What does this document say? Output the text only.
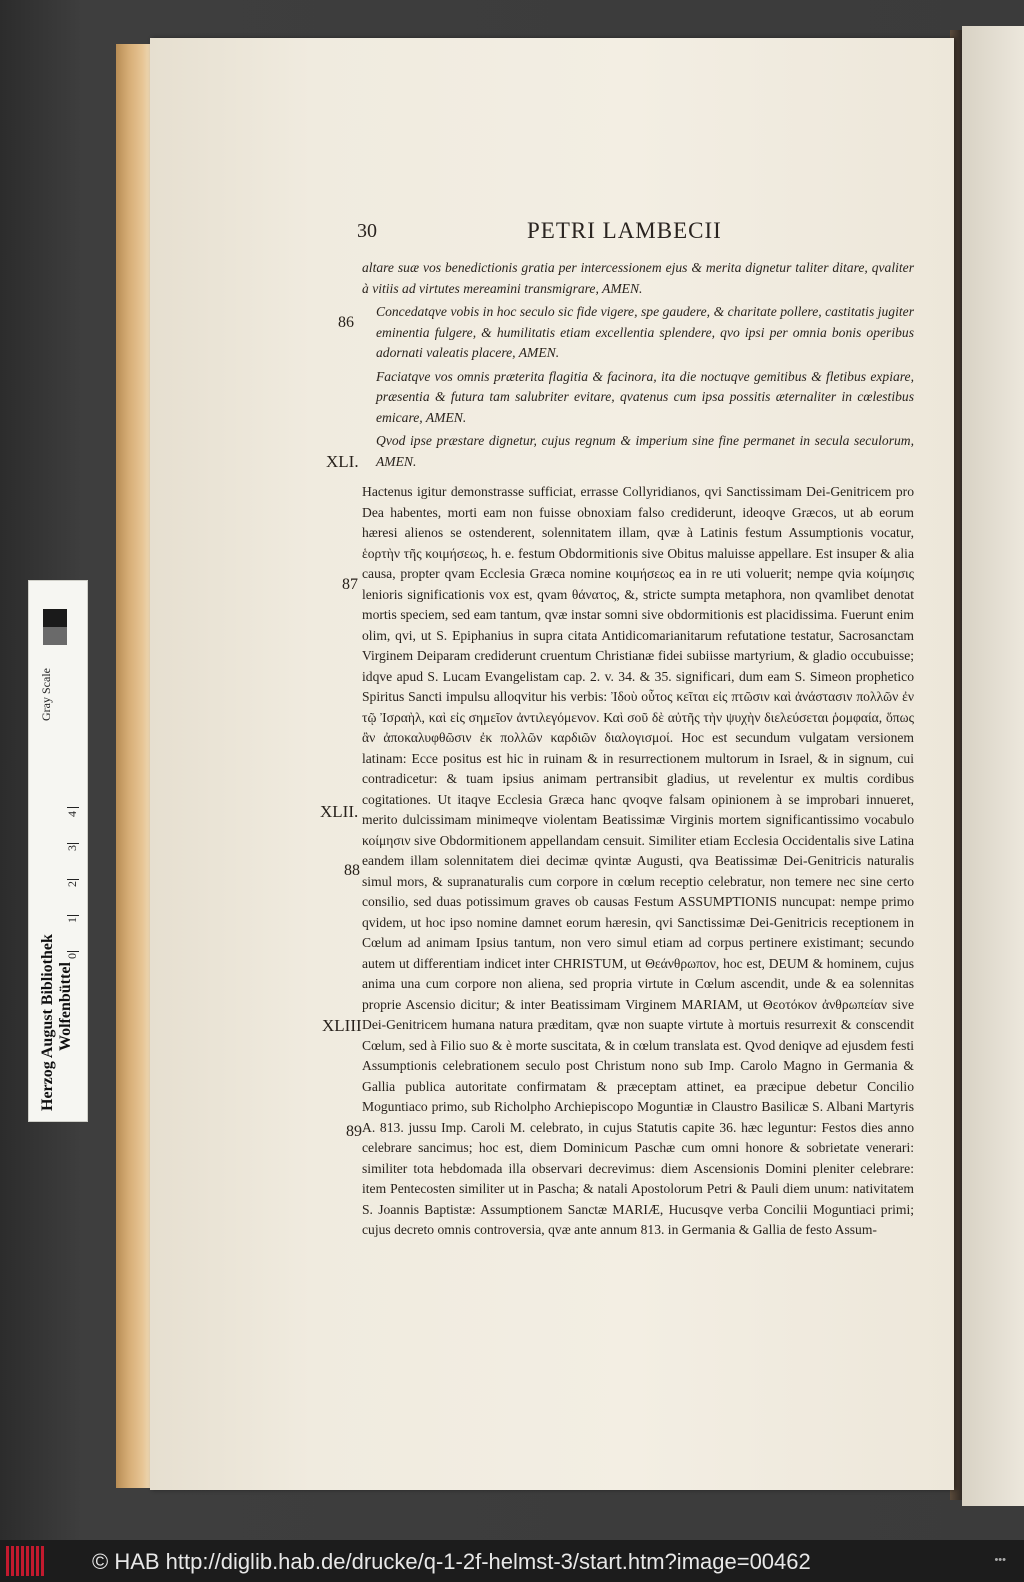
30	PETRI LAMBECII

altare suæ vos benedictionis gratia per intercessionem ejus & merita dignetur taliter ditare, qvaliter à vitiis ad virtutes mereamini transmigrare, AMEN.

Concedatqve vobis in hoc seculo sic fide vigere, spe gaudere, & charitate pollere, castitatis jugiter eminentia fulgere, & humilitatis etiam excellentia splendere, qvo ipsi per omnia bonis operibus adornati valeatis placere, AMEN.

Faciatqve vos omnis præterita flagitia & facinora, ita die noctuqve gemitibus & fletibus expiare, præsentia & futura tam salubriter evitare, qvatenus cum ipsa possitis æternaliter in cœlestibus emicare, AMEN.

Qvod ipse præstare dignetur, cujus regnum & imperium sine fine permanet in secula seculorum, AMEN.

Hactenus igitur demonstrasse sufficiat, errasse Collyridianos, qvi Sanctissimam Dei-Genitricem pro Dea habentes, morti eam non fuisse obnoxiam falso crediderunt, ideoqve Græcos, ut ab eorum hæresi alienos se ostenderent, solennitatem illam, qvæ à Latinis festum Assumptionis vocatur, ἑορτὴν τῆς κοιμήσεως, h. e. festum Obdormitionis sive Obitus maluisse appellare. Est insuper & alia causa, propter qvam Ecclesia Græca nomine κοιμήσεως ea in re uti voluerit; nempe qvia κοίμησις lenioris significationis vox est, qvam θάνατος, &, stricte sumpta metaphora, non qvamlibet denotat mortis speciem, sed eam tantum, qvæ instar somni sive obdormitionis est placidissima. Fuerunt enim olim, qvi, ut S. Epiphanius in supra citata Antidicomarianitarum refutatione testatur, Sacrosanctam Virginem Deiparam crediderunt cruentum Christianæ fidei subiisse martyrium, & gladio occubuisse; idqve apud S. Lucam Evangelistam cap. 2. v. 34. & 35. significari, dum eam S. Simeon prophetico Spiritus Sancti impulsu alloqvitur his verbis: Ἰδοὺ οὗτος κεῖται εἰς πτῶσιν καὶ ἀνάστασιν πολλῶν ἐν τῷ Ἰσραὴλ, καὶ εἰς σημεῖον ἀντιλεγόμενον. Καὶ σοῦ δὲ αὐτῆς τὴν ψυχὴν διελεύσεται ῥομφαία, ὅπως ἂν ἀποκαλυφθῶσιν ἐκ πολλῶν καρδιῶν διαλογισμοί. Hoc est secundum vulgatam versionem latinam: Ecce positus est hic in ruinam & in resurrectionem multorum in Israel, & in signum, cui contradicetur: & tuam ipsius animam pertransibit gladius, ut revelentur ex multis cordibus cogitationes. Ut itaqve Ecclesia Græca hanc qvoqve falsam opinionem à se improbari innueret, merito dulcissimam minimeqve violentam Beatissimæ Virginis mortem significantissimo vocabulo κοίμησιν sive Obdormitionem appellandam censuit. Similiter etiam Ecclesia Occidentalis sive Latina eandem illam solennitatem diei decimæ qvintæ Augusti, qva Beatissimæ Dei-Genitricis naturalis simul mors, & supranaturalis cum corpore in cœlum receptio celebratur, non temere nec sine certo consilio, sed duas potissimum graves ob causas Festum ASSUMPTIONIS nuncupat: nempe primo qvidem, ut hoc ipso nomine damnet eorum hæresin, qvi Sanctissimæ Dei-Genitricis receptionem in Cœlum ad animam Ipsius tantum, non vero simul etiam ad corpus pertinere existimant; secundo autem ut differentiam indicet inter CHRISTUM, ut Θεάνθρωπον, hoc est, DEUM & hominem, cujus anima una cum corpore non aliena, sed propria virtute in Cœlum ascendit, unde & ea solennitas proprie Ascensio dicitur; & inter Beatissimam Virginem MARIAM, ut Θεοτόκον ἀνθρωπείαν sive Dei-Genitricem humana natura præditam, qvæ non suapte virtute à mortuis resurrexit & conscendit Cœlum, sed à Filio suo & è morte suscitata, & in cœlum translata est. Qvod deniqve ad ejusdem festi Assumptionis celebrationem seculo post Christum nono sub Imp. Carolo Magno in Germania & Gallia publica autoritate confirmatam & præceptam attinet, ea præcipue debetur Concilio Moguntiaco primo, sub Richolpho Archiepiscopo Moguntiæ in Claustro Basilicæ S. Albani Martyris A. 813. jussu Imp. Caroli M. celebrato, in cujus Statutis capite 36. hæc leguntur: Festos dies anno celebrare sancimus; hoc est, diem Dominicum Paschæ cum omni honore & sobrietate venerari: similiter tota hebdomada illa observari decrevimus: diem Ascensionis Domini pleniter celebrare: item Pentecosten similiter ut in Pascha; & natali Apostolorum Petri & Pauli diem unum: nativitatem S. Joannis Baptistæ: Assumptionem Sanctæ MARIÆ, Hucusqve verba Concilii Moguntiaci primi; cujus decreto omnis controversia, qvæ ante annum 813. in Germania & Gallia de festo Assum-

86
87
88
89
XLI.
XLII.
XLIII
Gray Scale
4
3
2
1
0
Herzog August Bibliothek Wolfenbüttel
© HAB http://diglib.hab.de/drucke/q-1-2f-helmst-3/start.htm?image=00462	•••
